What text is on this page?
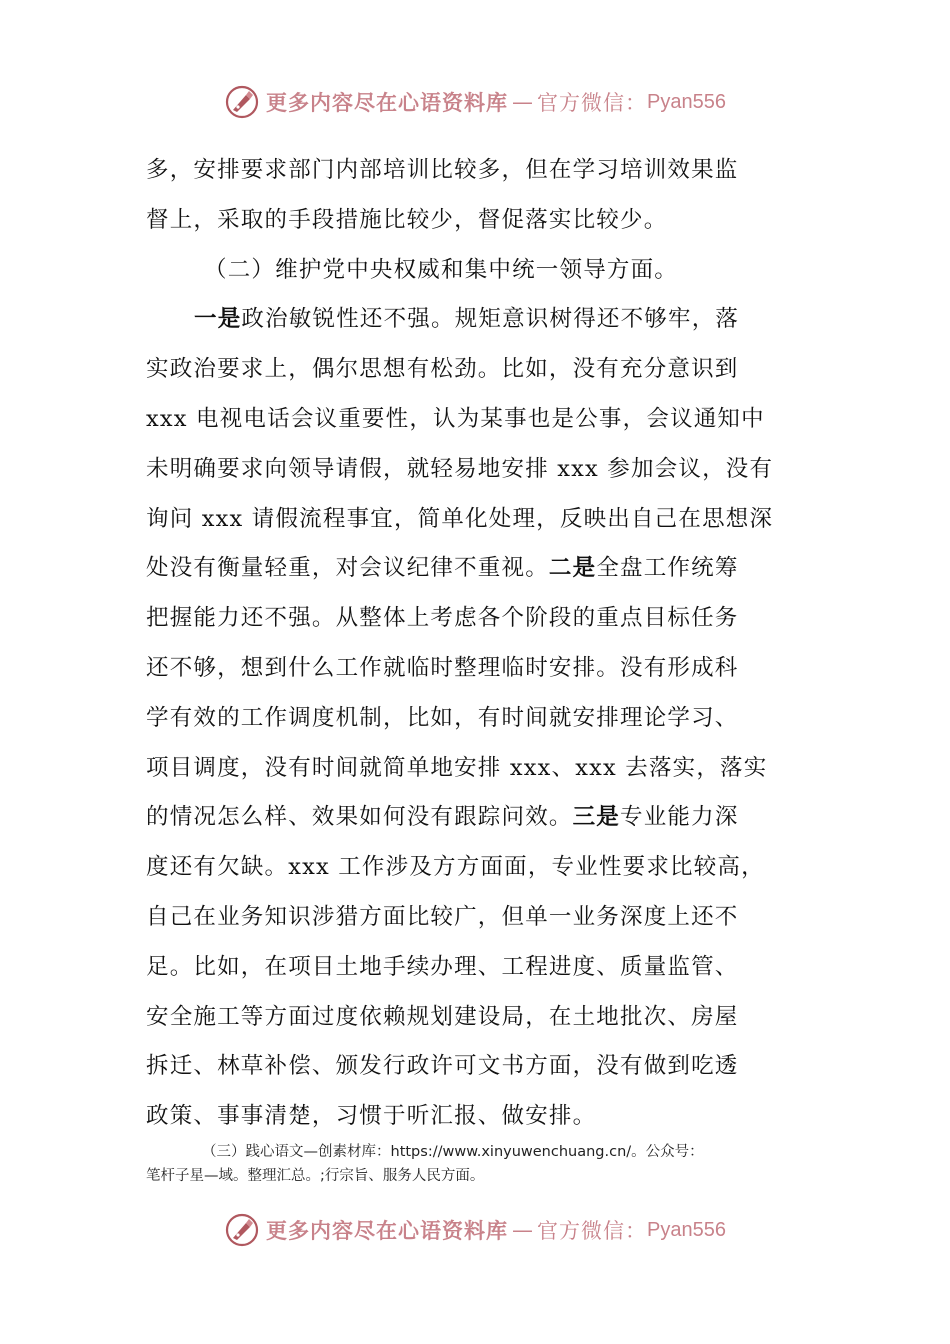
更多内容尽在心语资料库 — 官方微信： Pyan556
多，安排要求部门内部培训比较多，但在学习培训效果监
督上，采取的手段措施比较少，督促落实比较少。
（二）维护党中央权威和集中统一领导方面。
一是政治敏锐性还不强。规矩意识树得还不够牢，落
实政治要求上，偶尔思想有松劲。比如，没有充分意识到
xxx 电视电话会议重要性，认为某事也是公事，会议通知中
未明确要求向领导请假，就轻易地安排 xxx 参加会议，没有
询问 xxx 请假流程事宜，简单化处理，反映出自己在思想深
处没有衡量轻重，对会议纪律不重视。二是全盘工作统筹
把握能力还不强。从整体上考虑各个阶段的重点目标任务
还不够，想到什么工作就临时整理临时安排。没有形成科
学有效的工作调度机制，比如，有时间就安排理论学习、
项目调度，没有时间就简单地安排 xxx、xxx 去落实，落实
的情况怎么样、效果如何没有跟踪问效。三是专业能力深
度还有欠缺。xxx 工作涉及方方面面，专业性要求比较高，
自己在业务知识涉猎方面比较广，但单一业务深度上还不
足。比如，在项目土地手续办理、工程进度、质量监管、
安全施工等方面过度依赖规划建设局，在土地批次、房屋
拆迁、林草补偿、颁发行政许可文书方面，没有做到吃透
政策、事事清楚，习惯于听汇报、做安排。
（三）践心语文—创素材库：https://www.xinyuwenchuang.cn/。公众号：
笔杆子星—域。整理汇总。;行宗旨、服务人民方面。
更多内容尽在心语资料库 — 官方微信： Pyan556
